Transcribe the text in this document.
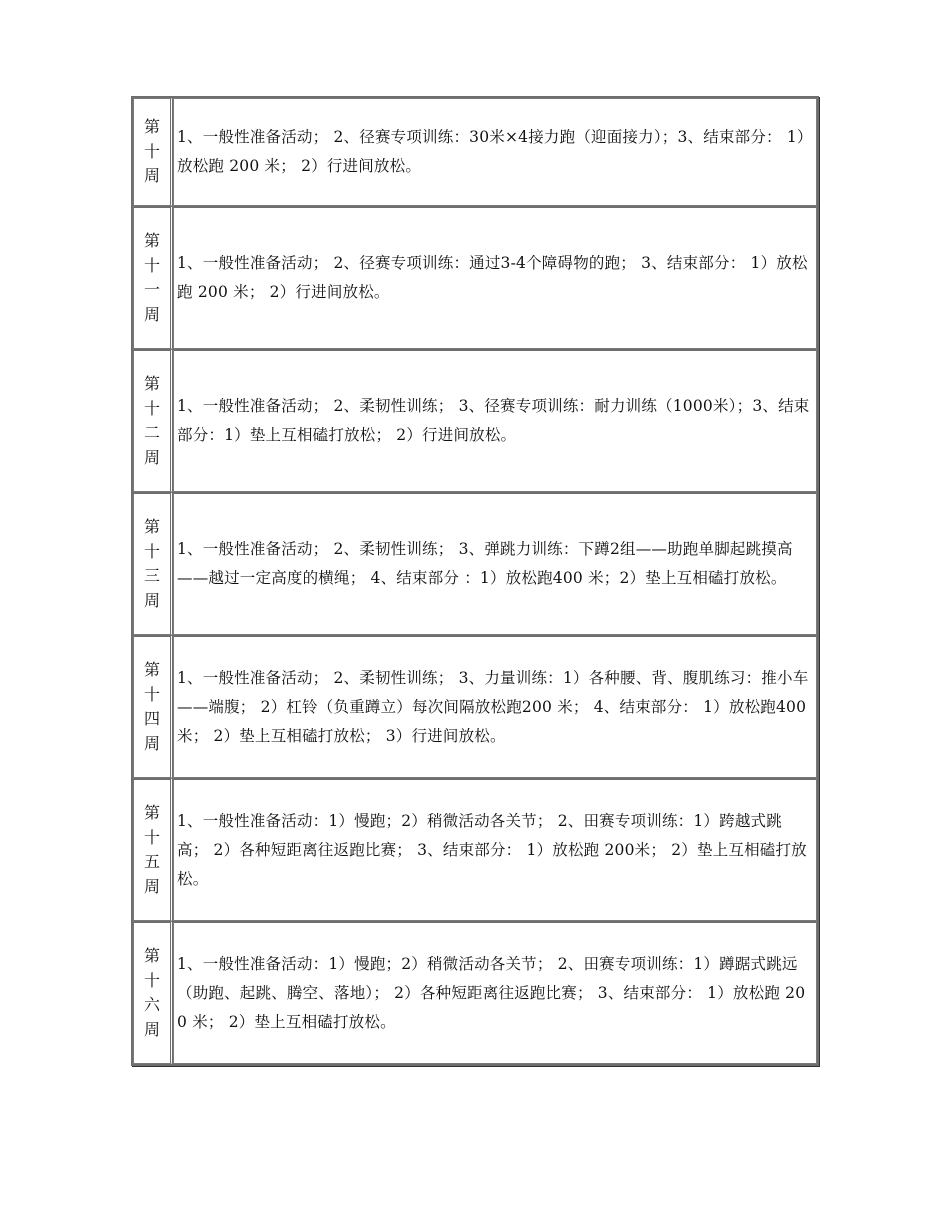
第
十
周	1、一般性准备活动； 2、径赛专项训练：30米×4接力跑（迎面接力）；3、结束部分： 1）放松跑 200 米； 2）行进间放松。

第
十
一
周	1、一般性准备活动； 2、径赛专项训练：通过3-4个障碍物的跑； 3、结束部分： 1）放松跑 200 米； 2）行进间放松。

第
十
二
周	1、一般性准备活动； 2、柔韧性训练； 3、径赛专项训练：耐力训练（1000米）；3、结束部分：1）垫上互相磕打放松； 2）行进间放松。

第
十
三
周	1、一般性准备活动； 2、柔韧性训练； 3、弹跳力训练：下蹲2组——助跑单脚起跳摸高——越过一定高度的横绳； 4、结束部分 ：1）放松跑400 米；2）垫上互相磕打放松。

第
十
四
周	1、一般性准备活动； 2、柔韧性训练； 3、力量训练：1）各种腰、背、腹肌练习：推小车——端腹； 2）杠铃（负重蹲立）每次间隔放松跑200 米； 4、结束部分： 1）放松跑400 米； 2）垫上互相磕打放松； 3）行进间放松。

第
十
五
周	1、一般性准备活动：1）慢跑；2）稍微活动各关节； 2、田赛专项训练：1）跨越式跳高； 2）各种短距离往返跑比赛； 3、结束部分： 1）放松跑 200米； 2）垫上互相磕打放松。

第
十
六
周	1、一般性准备活动：1）慢跑；2）稍微活动各关节； 2、田赛专项训练：1）蹲踞式跳远（助跑、起跳、腾空、落地）； 2）各种短距离往返跑比赛； 3、结束部分： 1）放松跑 200 米； 2）垫上互相磕打放松。
